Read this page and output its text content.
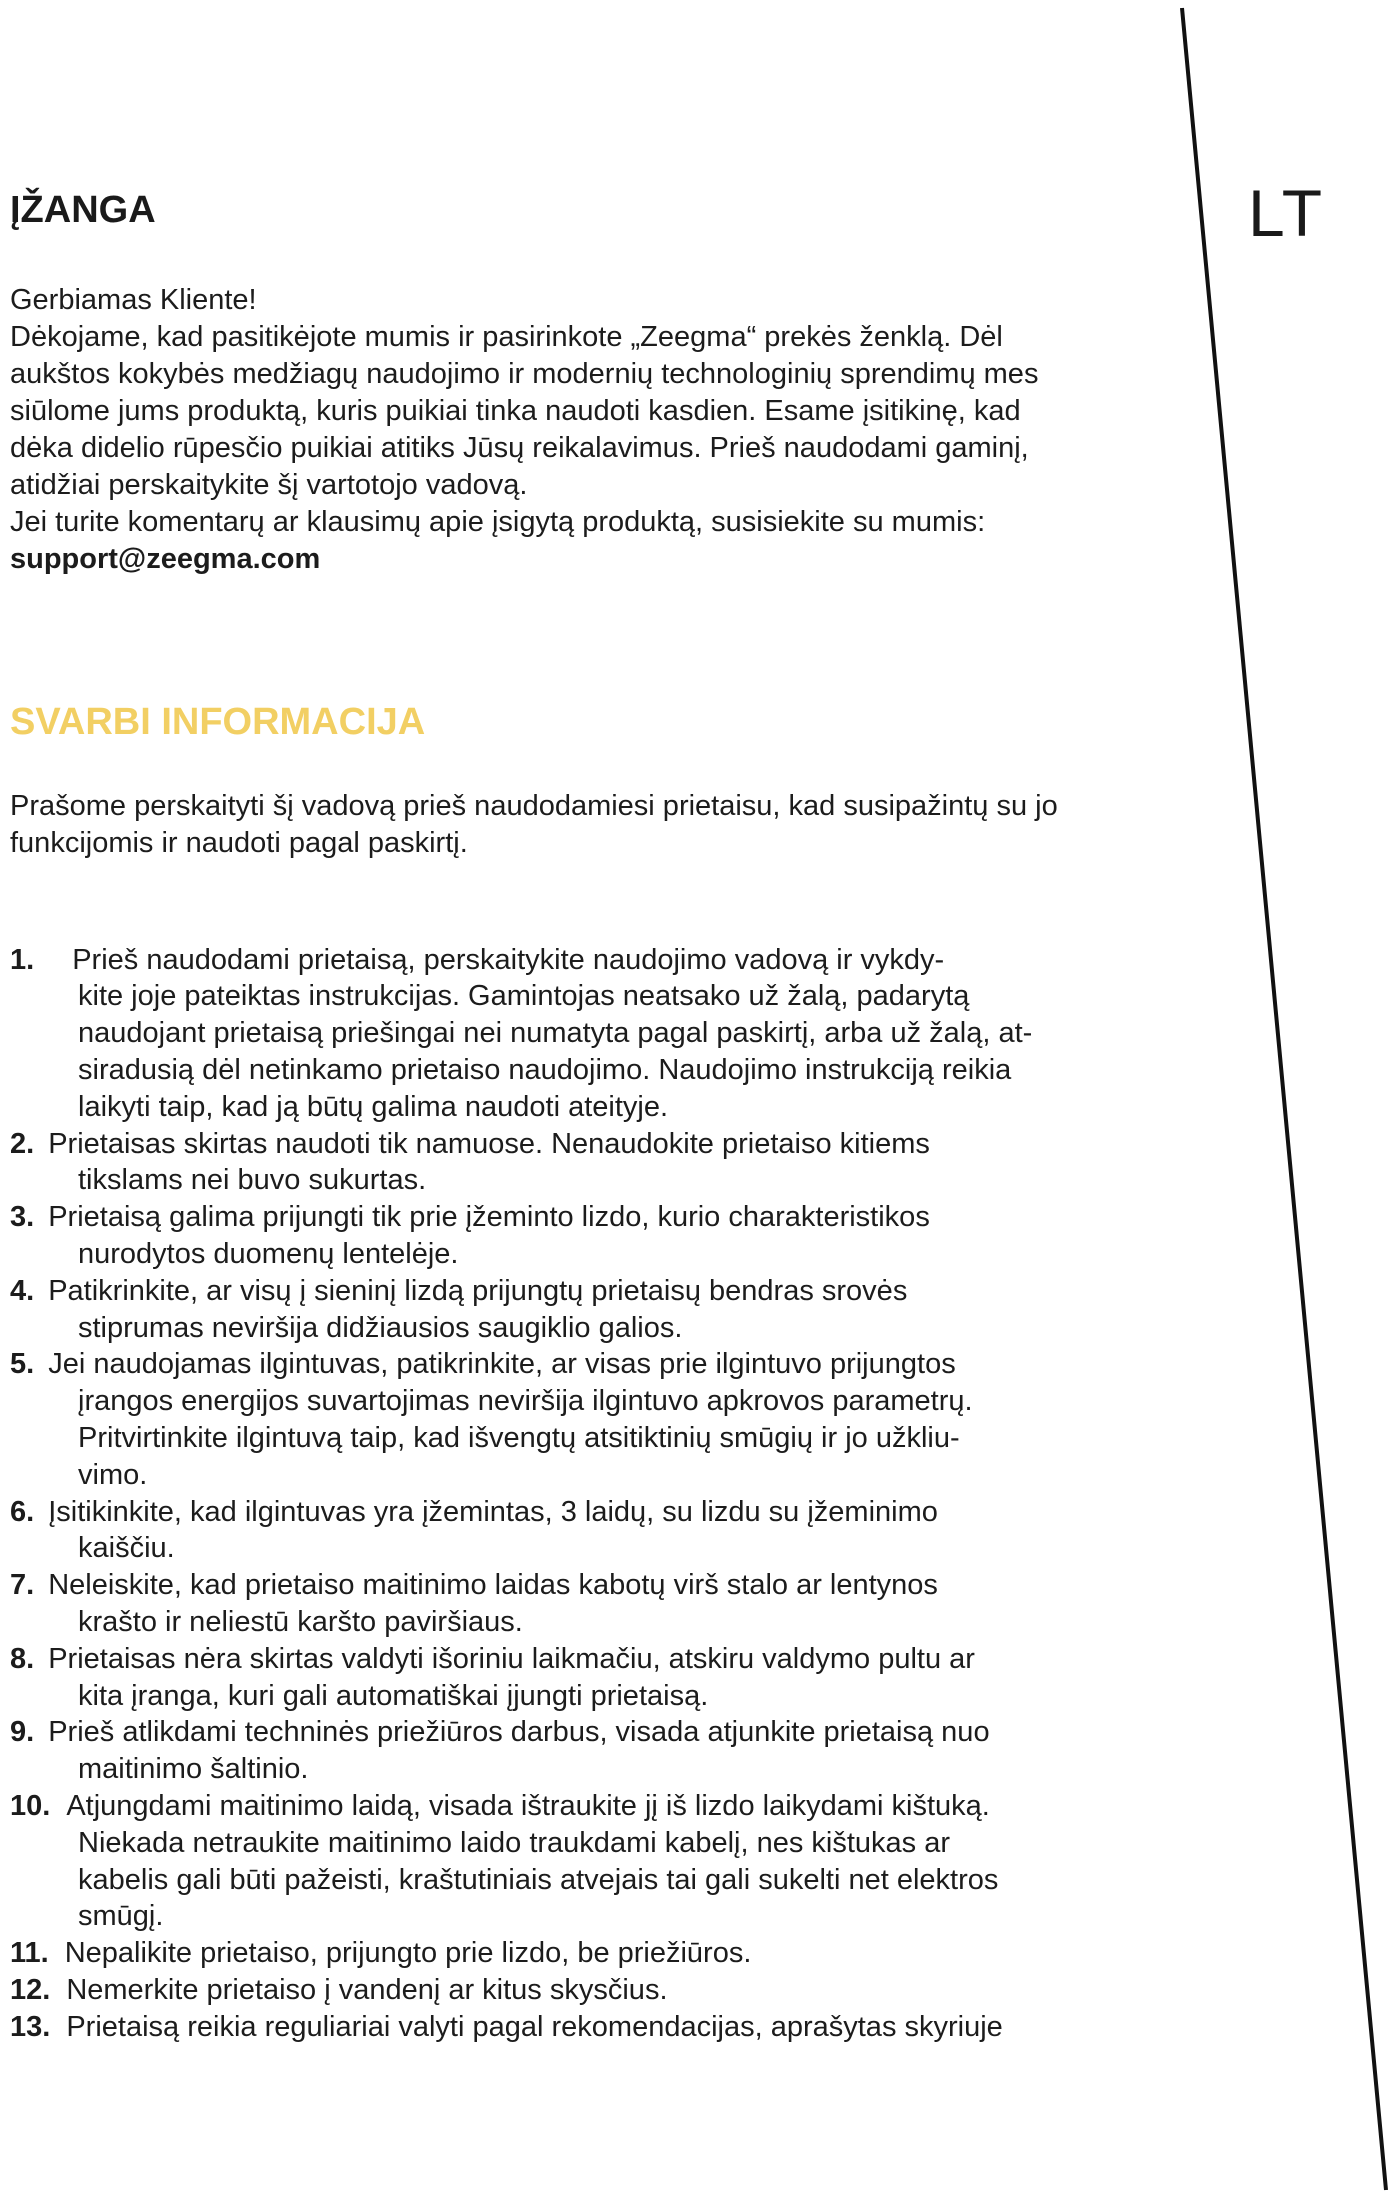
LT
ĮŽANGA
Gerbiamas Kliente!
Dėkojame, kad pasitikėjote mumis ir pasirinkote „Zeegma“ prekės ženklą. Dėl
aukštos kokybės medžiagų naudojimo ir modernių technologinių sprendimų mes
siūlome jums produktą, kuris puikiai tinka naudoti kasdien. Esame įsitikinę, kad
dėka didelio rūpesčio puikiai atitiks Jūsų reikalavimus. Prieš naudodami gaminį,
atidžiai perskaitykite šį vartotojo vadovą.
Jei turite komentarų ar klausimų apie įsigytą produktą, susisiekite su mumis:
support@zeegma.com
SVARBI INFORMACIJA
Prašome perskaityti šį vadovą prieš naudodamiesi prietaisu, kad susipažintų su jo
funkcijomis ir naudoti pagal paskirtį.
1. Prieš naudodami prietaisą, perskaitykite naudojimo vadovą ir vykdy-
kite joje pateiktas instrukcijas. Gamintojas neatsako už žalą, padarytą
naudojant prietaisą priešingai nei numatyta pagal paskirtį, arba už žalą, at-
siradusią dėl netinkamo prietaiso naudojimo. Naudojimo instrukciją reikia
laikyti taip, kad ją būtų galima naudoti ateityje.
2. Prietaisas skirtas naudoti tik namuose. Nenaudokite prietaiso kitiems
tikslams nei buvo sukurtas.
3. Prietaisą galima prijungti tik prie įžeminto lizdo, kurio charakteristikos
nurodytos duomenų lentelėje.
4. Patikrinkite, ar visų į sieninį lizdą prijungtų prietaisų bendras srovės
stiprumas neviršija didžiausios saugiklio galios.
5. Jei naudojamas ilgintuvas, patikrinkite, ar visas prie ilgintuvo prijungtos
įrangos energijos suvartojimas neviršija ilgintuvo apkrovos parametrų.
Pritvirtinkite ilgintuvą taip, kad išvengtų atsitiktinių smūgių ir jo užkliu-
vimo.
6. Įsitikinkite, kad ilgintuvas yra įžemintas, 3 laidų, su lizdu su įžeminimo
kaiščiu.
7. Neleiskite, kad prietaiso maitinimo laidas kabotų virš stalo ar lentynos
krašto ir neliestū karšto paviršiaus.
8. Prietaisas nėra skirtas valdyti išoriniu laikmačiu, atskiru valdymo pultu ar
kita įranga, kuri gali automatiškai įjungti prietaisą.
9. Prieš atlikdami techninės priežiūros darbus, visada atjunkite prietaisą nuo
maitinimo šaltinio.
10. Atjungdami maitinimo laidą, visada ištraukite jį iš lizdo laikydami kištuką.
Niekada netraukite maitinimo laido traukdami kabelį, nes kištukas ar
kabelis gali būti pažeisti, kraštutiniais atvejais tai gali sukelti net elektros
smūgį.
11. Nepalikite prietaiso, prijungto prie lizdo, be priežiūros.
12. Nemerkite prietaiso į vandenį ar kitus skysčius.
13. Prietaisą reikia reguliariai valyti pagal rekomendacijas, aprašytas skyriuje
